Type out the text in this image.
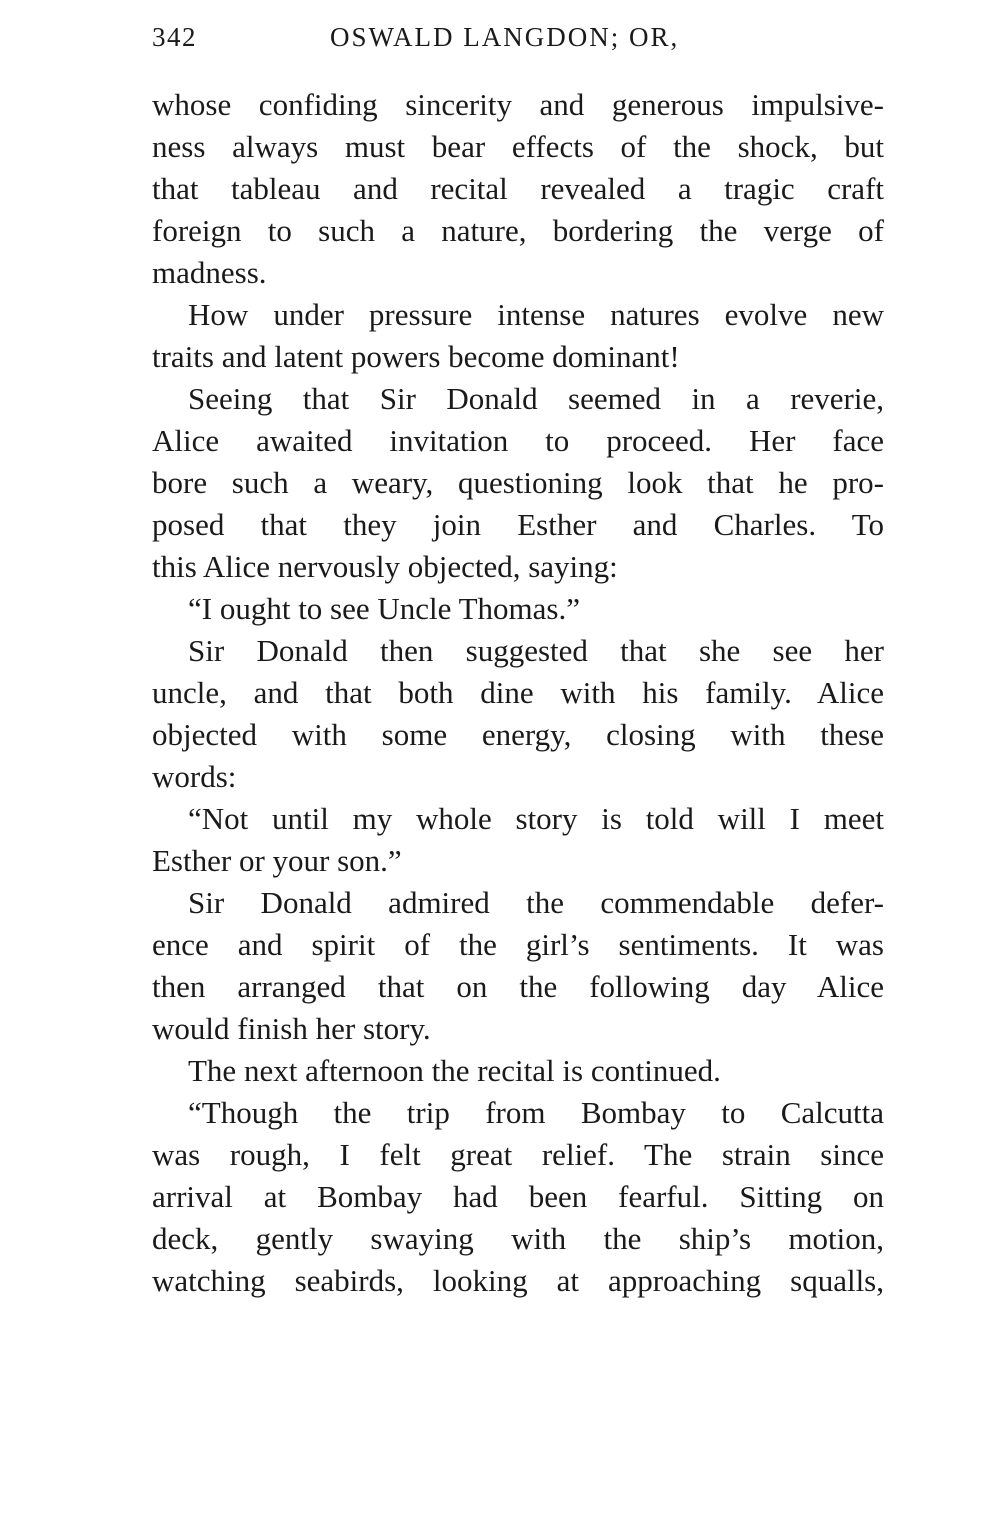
342	OSWALD LANGDON; OR,
whose confiding sincerity and generous impulsive-
ness always must bear effects of the shock, but
that tableau and recital revealed a tragic craft
foreign to such a nature, bordering the verge of
madness.
How under pressure intense natures evolve new
traits and latent powers become dominant!
Seeing that Sir Donald seemed in a reverie,
Alice awaited invitation to proceed. Her face
bore such a weary, questioning look that he pro-
posed that they join Esther and Charles. To
this Alice nervously objected, saying:
“I ought to see Uncle Thomas.”
Sir Donald then suggested that she see her
uncle, and that both dine with his family. Alice
objected with some energy, closing with these
words:
“Not until my whole story is told will I meet
Esther or your son.”
Sir Donald admired the commendable defer-
ence and spirit of the girl’s sentiments. It was
then arranged that on the following day Alice
would finish her story.
The next afternoon the recital is continued.
“Though the trip from Bombay to Calcutta
was rough, I felt great relief. The strain since
arrival at Bombay had been fearful. Sitting on
deck, gently swaying with the ship’s motion,
watching seabirds, looking at approaching squalls,
